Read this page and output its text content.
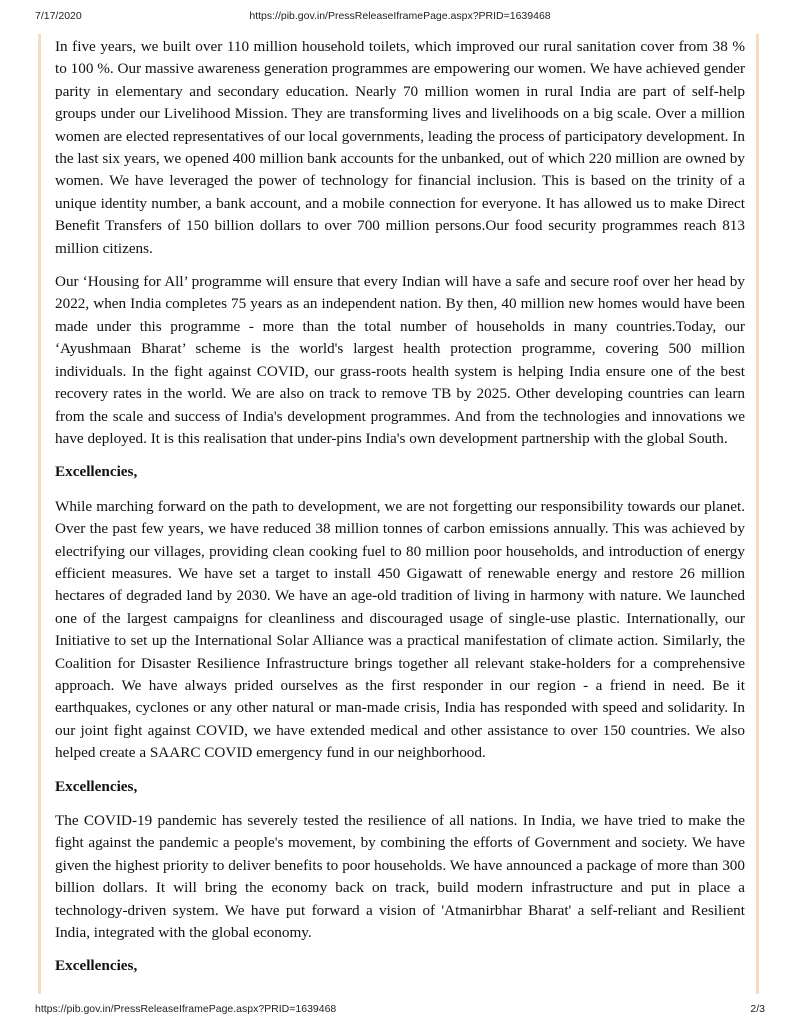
7/17/2020	https://pib.gov.in/PressReleaseIframePage.aspx?PRID=1639468

In five years, we built over 110 million household toilets, which improved our rural sanitation cover from 38 % to 100 %. Our massive awareness generation programmes are empowering our women. We have achieved gender parity in elementary and secondary education. Nearly 70 million women in rural India are part of self-help groups under our Livelihood Mission. They are transforming lives and livelihoods on a big scale. Over a million women are elected representatives of our local governments, leading the process of participatory development. In the last six years, we opened 400 million bank accounts for the unbanked, out of which 220 million are owned by women. We have leveraged the power of technology for financial inclusion. This is based on the trinity of a unique identity number, a bank account, and a mobile connection for everyone. It has allowed us to make Direct Benefit Transfers of 150 billion dollars to over 700 million persons.Our food security programmes reach 813 million citizens.

Our ‘Housing for All’ programme will ensure that every Indian will have a safe and secure roof over her head by 2022, when India completes 75 years as an independent nation. By then, 40 million new homes would have been made under this programme - more than the total number of households in many countries.Today, our ‘Ayushmaan Bharat’ scheme is the world's largest health protection programme, covering 500 million individuals. In the fight against COVID, our grass-roots health system is helping India ensure one of the best recovery rates in the world. We are also on track to remove TB by 2025. Other developing countries can learn from the scale and success of India's development programmes. And from the technologies and innovations we have deployed. It is this realisation that under-pins India's own development partnership with the global South.

Excellencies,

While marching forward on the path to development, we are not forgetting our responsibility towards our planet. Over the past few years, we have reduced 38 million tonnes of carbon emissions annually. This was achieved by electrifying our villages, providing clean cooking fuel to 80 million poor households, and introduction of energy efficient measures. We have set a target to install 450 Gigawatt of renewable energy and restore 26 million hectares of degraded land by 2030. We have an age-old tradition of living in harmony with nature. We launched one of the largest campaigns for cleanliness and discouraged usage of single-use plastic. Internationally, our Initiative to set up the International Solar Alliance was a practical manifestation of climate action. Similarly, the Coalition for Disaster Resilience Infrastructure brings together all relevant stake-holders for a comprehensive approach. We have always prided ourselves as the first responder in our region - a friend in need. Be it earthquakes, cyclones or any other natural or man-made crisis, India has responded with speed and solidarity. In our joint fight against COVID, we have extended medical and other assistance to over 150 countries. We also helped create a SAARC COVID emergency fund in our neighborhood.

Excellencies,

The COVID-19 pandemic has severely tested the resilience of all nations. In India, we have tried to make the fight against the pandemic a people's movement, by combining the efforts of Government and society. We have given the highest priority to deliver benefits to poor households. We have announced a package of more than 300 billion dollars. It will bring the economy back on track, build modern infrastructure and put in place a technology-driven system. We have put forward a vision of 'Atmanirbhar Bharat' a self-reliant and Resilient India, integrated with the global economy.

Excellencies,

https://pib.gov.in/PressReleaseIframePage.aspx?PRID=1639468	2/3
